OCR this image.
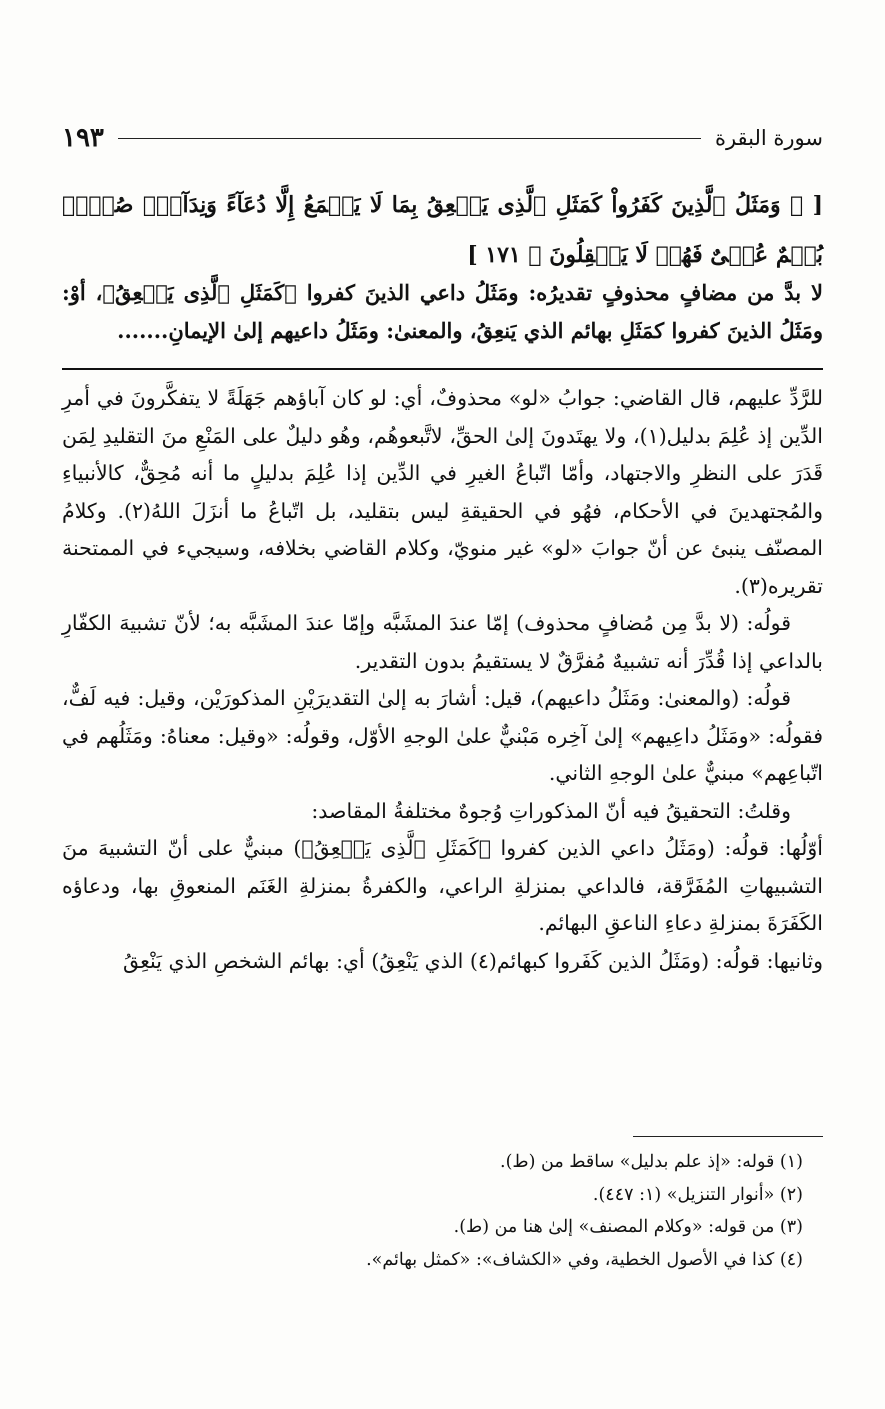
سورة البقرة
١٩٣
[ ﴿ وَمَثَلُ ٱلَّذِينَ كَفَرُواْ كَمَثَلِ ٱلَّذِى يَنۡعِقُ بِمَا لَا يَسۡمَعُ إِلَّا دُعَآءً وَنِدَآءًۚ صُمُّۢ بُكۡمٌ عُمۡىٌ فَهُمۡ لَا يَعۡقِلُونَ ﴾ ١٧١ ]
لا بدَّ من مضافٍ محذوفٍ تقديرُه: ومَثَلُ داعي الذينَ كفروا ﴿كَمَثَلِ ٱلَّذِى يَنۡعِقُ﴾، أوْ: ومَثَلُ الذينَ كفروا كمَثَلِ بهائم الذي يَنعِقُ، والمعنىٰ: ومَثَلُ داعيهم إلىٰ الإيمانِ.......

للرَّدِّ عليهم، قال القاضي: جوابُ «لو» محذوفٌ، أي: لو كان آباؤهم جَهَلَةً لا يتفكَّرونَ في أمرِ الدِّين إذ عُلِمَ بدليل(١)، ولا يهتَدونَ إلىٰ الحقِّ، لاتَّبعوهُم، وهُو دليلٌ على المَنْعِ منَ التقليدِ لِمَن قَدَرَ على النظرِ والاجتهاد، وأمّا اتّباعُ الغيرِ في الدِّين إذا عُلِمَ بدليلٍ ما أنه مُحِقٌّ، كالأنبياءِ والمُجتهدينَ في الأحكام، فهُو في الحقيقةِ ليس بتقليد، بل اتّباعُ ما أنزَلَ اللهُ(٢). وكلامُ المصنّف ينبئ عن أنّ جوابَ «لو» غير منويّ، وكلام القاضي بخلافه، وسيجيء في الممتحنة تقريره(٣).

قولُه: (لا بدَّ مِن مُضافٍ محذوف) إمّا عندَ المشَبَّه وإمّا عندَ المشَبَّه به؛ لأنّ تشبيهَ الكفّارِ بالداعي إذا قُدِّرَ أنه تشبيهٌ مُفرَّقٌ لا يستقيمُ بدون التقدير.

قولُه: (والمعنىٰ: ومَثَلُ داعيهم)، قيل: أشارَ به إلىٰ التقديرَيْنِ المذكورَيْن، وقيل: فيه لَفٌّ، فقولُه: «ومَثَلُ داعِيهم» إلىٰ آخِره مَبْنيٌّ علىٰ الوجهِ الأوّل، وقولُه: «وقيل: معناهُ: ومَثَلُهم في اتّباعِهم» مبنيٌّ علىٰ الوجهِ الثاني.

وقلتُ: التحقيقُ فيه أنّ المذكوراتِ وُجوهٌ مختلفةُ المقاصد:

أوّلُها: قولُه: (ومَثَلُ داعي الذين كفروا ﴿كَمَثَلِ ٱلَّذِى يَنۡعِقُ﴾) مبنيٌّ على أنّ التشبيهَ منَ التشبيهاتِ المُفَرَّقة، فالداعي بمنزلةِ الراعي، والكفرةُ بمنزلةِ الغَنَم المنعوقِ بها، ودعاؤه الكَفَرَةَ بمنزلةِ دعاءِ الناعقِ البهائم.

وثانيها: قولُه: (ومَثَلُ الذين كَفَروا كبهائم(٤) الذي يَنْعِقُ) أي: بهائم الشخصِ الذي يَنْعِقُ

(١) قوله: «إذ علم بدليل» ساقط من (ط).

(٢) «أنوار التنزيل» (١: ٤٤٧).

(٣) من قوله: «وكلام المصنف» إلىٰ هنا من (ط).

(٤) كذا في الأصول الخطية، وفي «الكشاف»: «كمثل بهائم».
